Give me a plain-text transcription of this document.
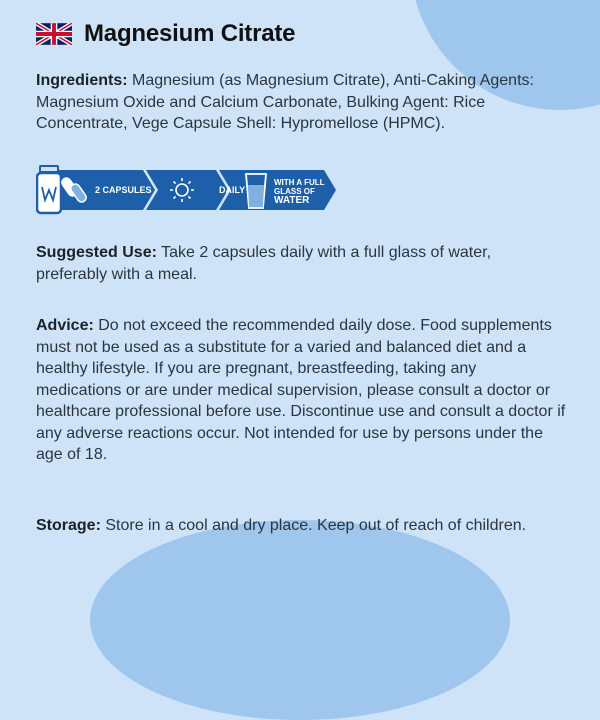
Magnesium Citrate

Ingredients: Magnesium (as Magnesium Citrate), Anti-Caking Agents: Magnesium Oxide and Calcium Carbonate, Bulking Agent: Rice Concentrate, Vege Capsule Shell: Hypromellose (HPMC).

2 CAPSULES	DAILY
WITH A FULL
GLASS OF
WATER

Suggested Use: Take 2 capsules daily with a full glass of water, preferably with a meal.

Advice: Do not exceed the recommended daily dose. Food supplements must not be used as a substitute for a varied and balanced diet and a healthy lifestyle. If you are pregnant, breastfeeding, taking any medications or are under medical supervision, please consult a doctor or healthcare professional before use. Discontinue use and consult a doctor if any adverse reactions occur. Not intended for use by persons under the age of 18.

Storage: Store in a cool and dry place. Keep out of reach of children.
